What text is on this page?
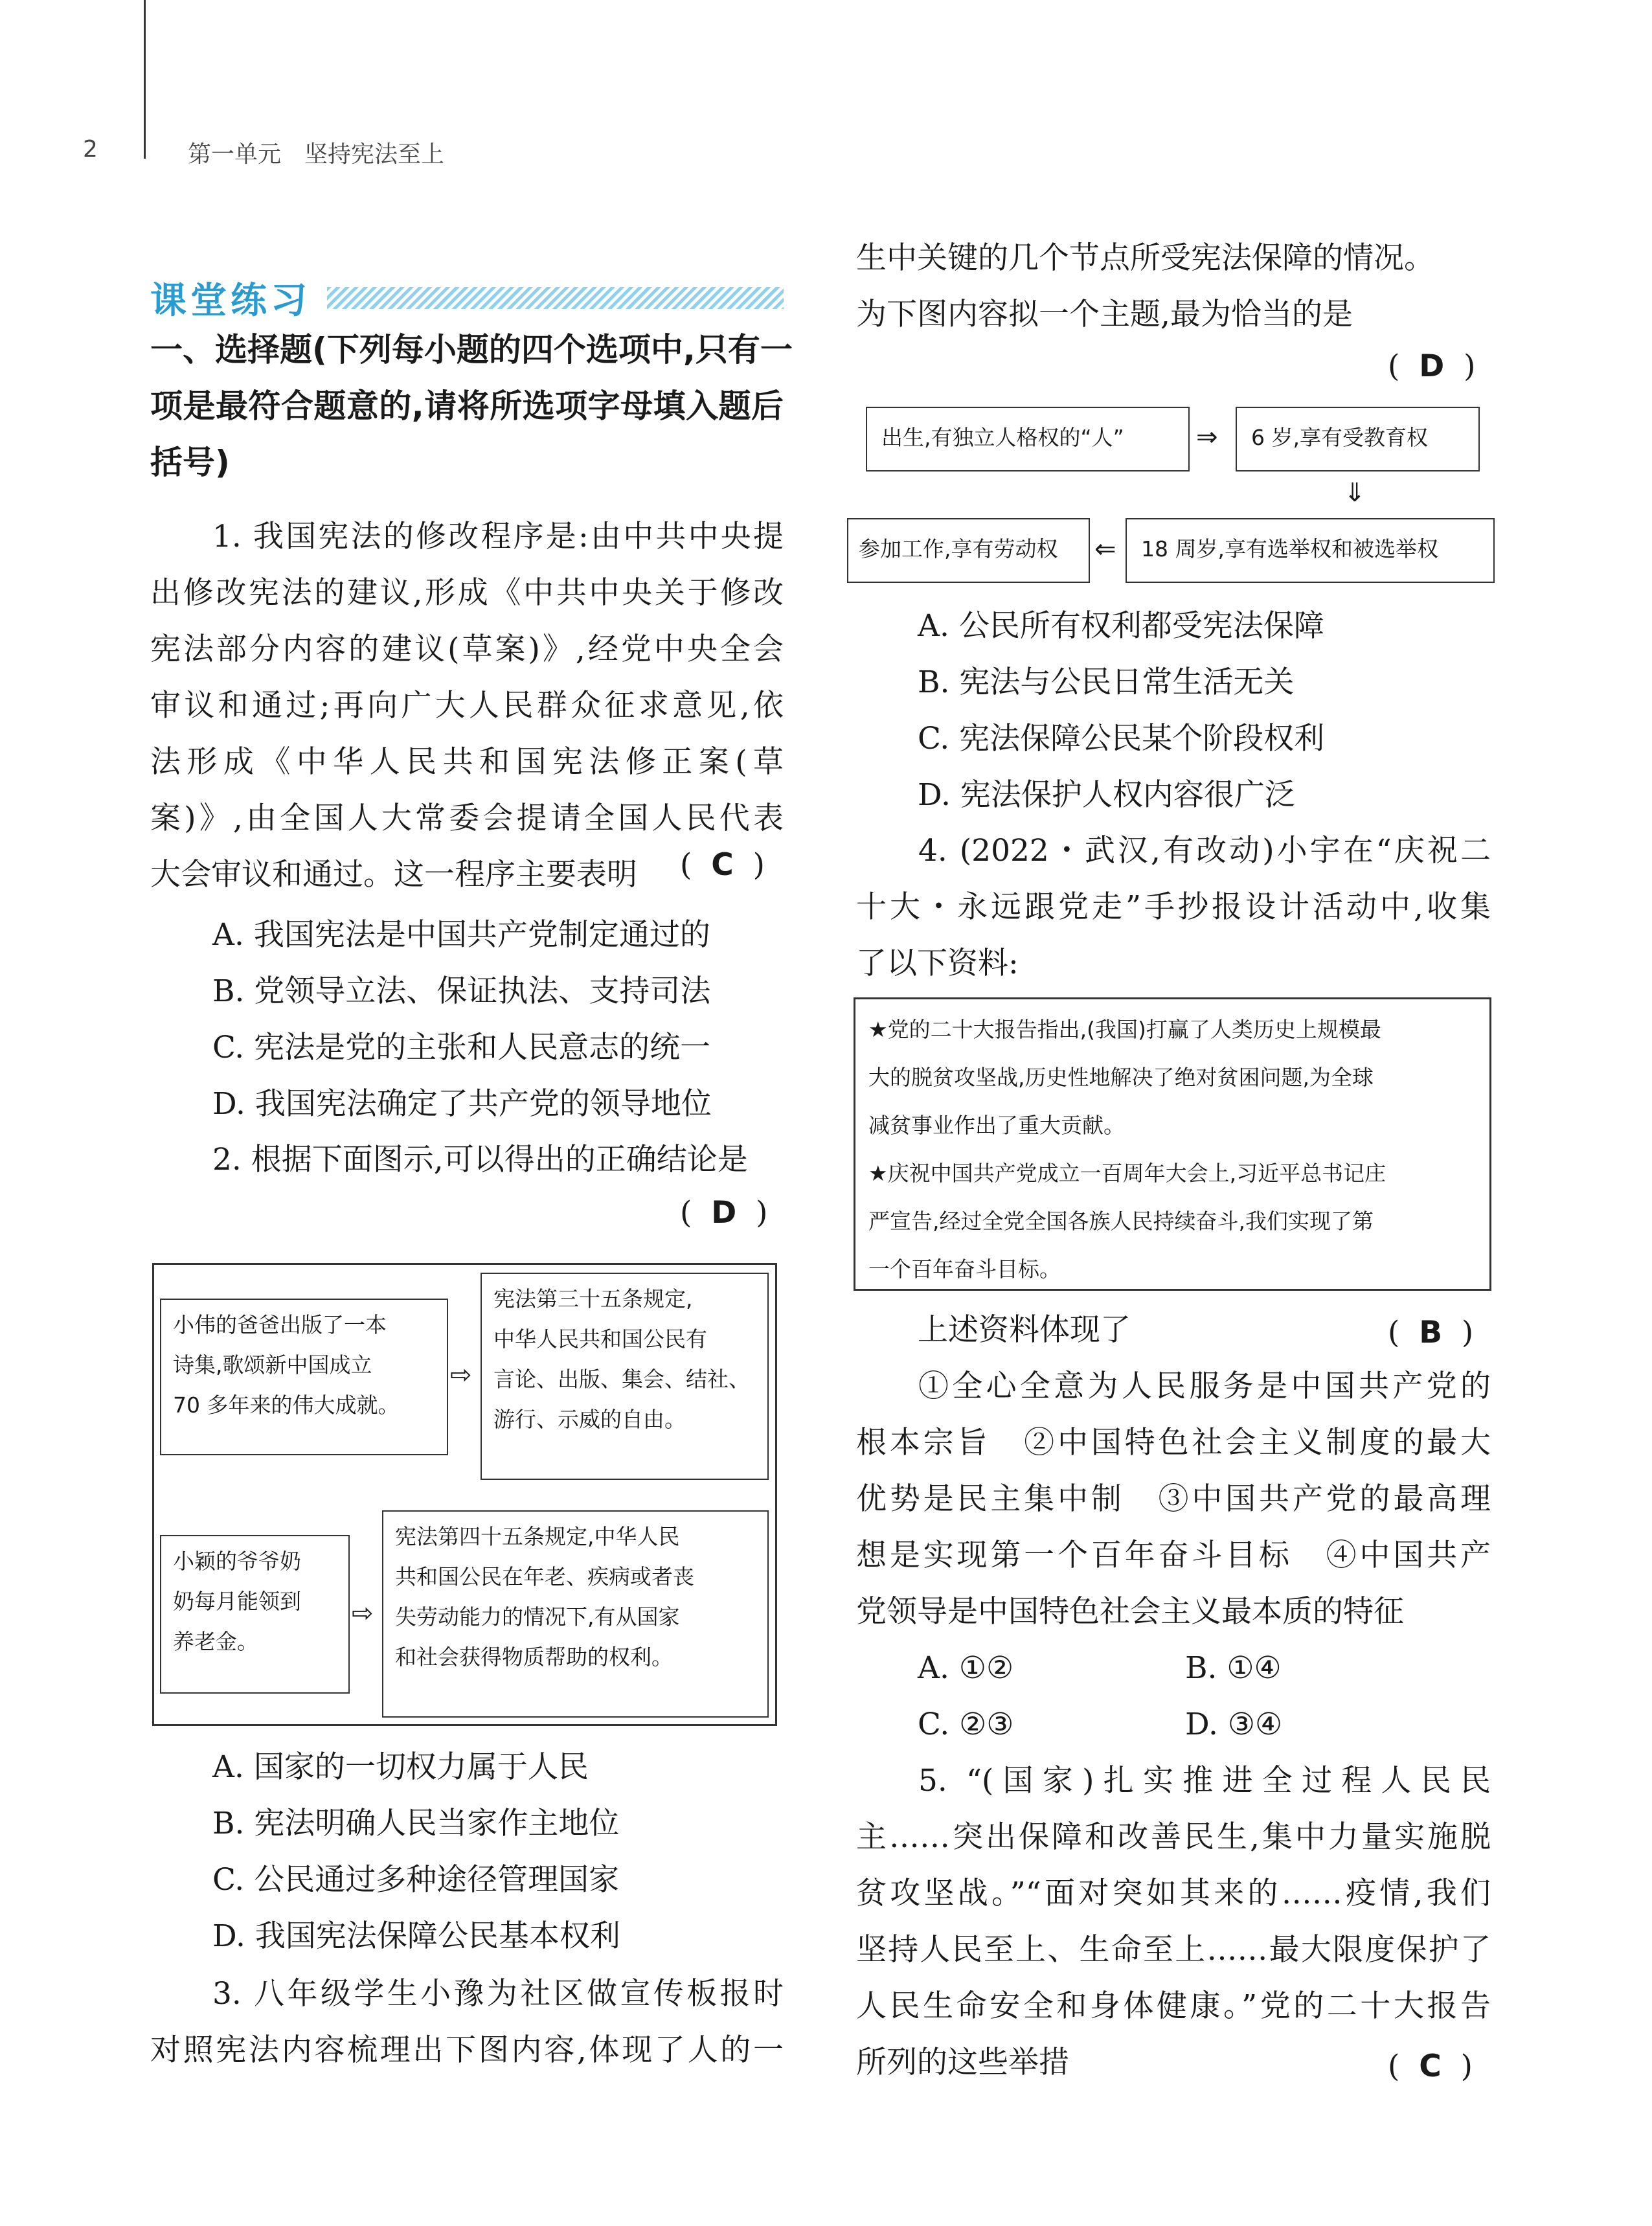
2	第一单元　坚持宪法至上
课堂练习
一、选择题(下列每小题的四个选项中,只有一
项是最符合题意的,请将所选项字母填入题后
括号)
1. 我国宪法的修改程序是:由中共中央提
出修改宪法的建议,形成《中共中央关于修改
宪法部分内容的建议(草案)》,经党中央全会
审议和通过;再向广大人民群众征求意见,依
法形成《中华人民共和国宪法修正案(草
案)》,由全国人大常委会提请全国人民代表
大会审议和通过。这一程序主要表明	(  C  )
A. 我国宪法是中国共产党制定通过的
B. 党领导立法、保证执法、支持司法
C. 宪法是党的主张和人民意志的统一
D. 我国宪法确定了共产党的领导地位
2. 根据下面图示,可以得出的正确结论是
(  D  )
小伟的爸爸出版了一本
诗集,歌颂新中国成立
70 多年来的伟大成就。
⇨
宪法第三十五条规定,
中华人民共和国公民有
言论、出版、集会、结社、
游行、示威的自由。
小颖的爷爷奶
奶每月能领到
养老金。
⇨
宪法第四十五条规定,中华人民
共和国公民在年老、疾病或者丧
失劳动能力的情况下,有从国家
和社会获得物质帮助的权利。
A. 国家的一切权力属于人民
B. 宪法明确人民当家作主地位
C. 公民通过多种途径管理国家
D. 我国宪法保障公民基本权利
3. 八年级学生小豫为社区做宣传板报时
对照宪法内容梳理出下图内容,体现了人的一
生中关键的几个节点所受宪法保障的情况。
为下图内容拟一个主题,最为恰当的是
(  D  )
出生,有独立人格权的“人”	⇒	6 岁,享有受教育权
⇓
18 周岁,享有选举权和被选举权
⇐
参加工作,享有劳动权
A. 公民所有权利都受宪法保障
B. 宪法与公民日常生活无关
C. 宪法保障公民某个阶段权利
D. 宪法保护人权内容很广泛
4. (2022・武汉,有改动)小宇在“庆祝二
十大・永远跟党走”手抄报设计活动中,收集
了以下资料:
★党的二十大报告指出,(我国)打赢了人类历史上规模最
大的脱贫攻坚战,历史性地解决了绝对贫困问题,为全球
减贫事业作出了重大贡献。
★庆祝中国共产党成立一百周年大会上,习近平总书记庄
严宣告,经过全党全国各族人民持续奋斗,我们实现了第
一个百年奋斗目标。
上述资料体现了	(  B  )
①全心全意为人民服务是中国共产党的
根本宗旨　②中国特色社会主义制度的最大
优势是民主集中制　③中国共产党的最高理
想是实现第一个百年奋斗目标　④中国共产
党领导是中国特色社会主义最本质的特征
A. ①②	B. ①④
C. ②③	D. ③④
5. “(国家)扎实推进全过程人民民
主……突出保障和改善民生,集中力量实施脱
贫攻坚战。”“面对突如其来的……疫情,我们
坚持人民至上、生命至上……最大限度保护了
人民生命安全和身体健康。”党的二十大报告
所列的这些举措	(  C  )
